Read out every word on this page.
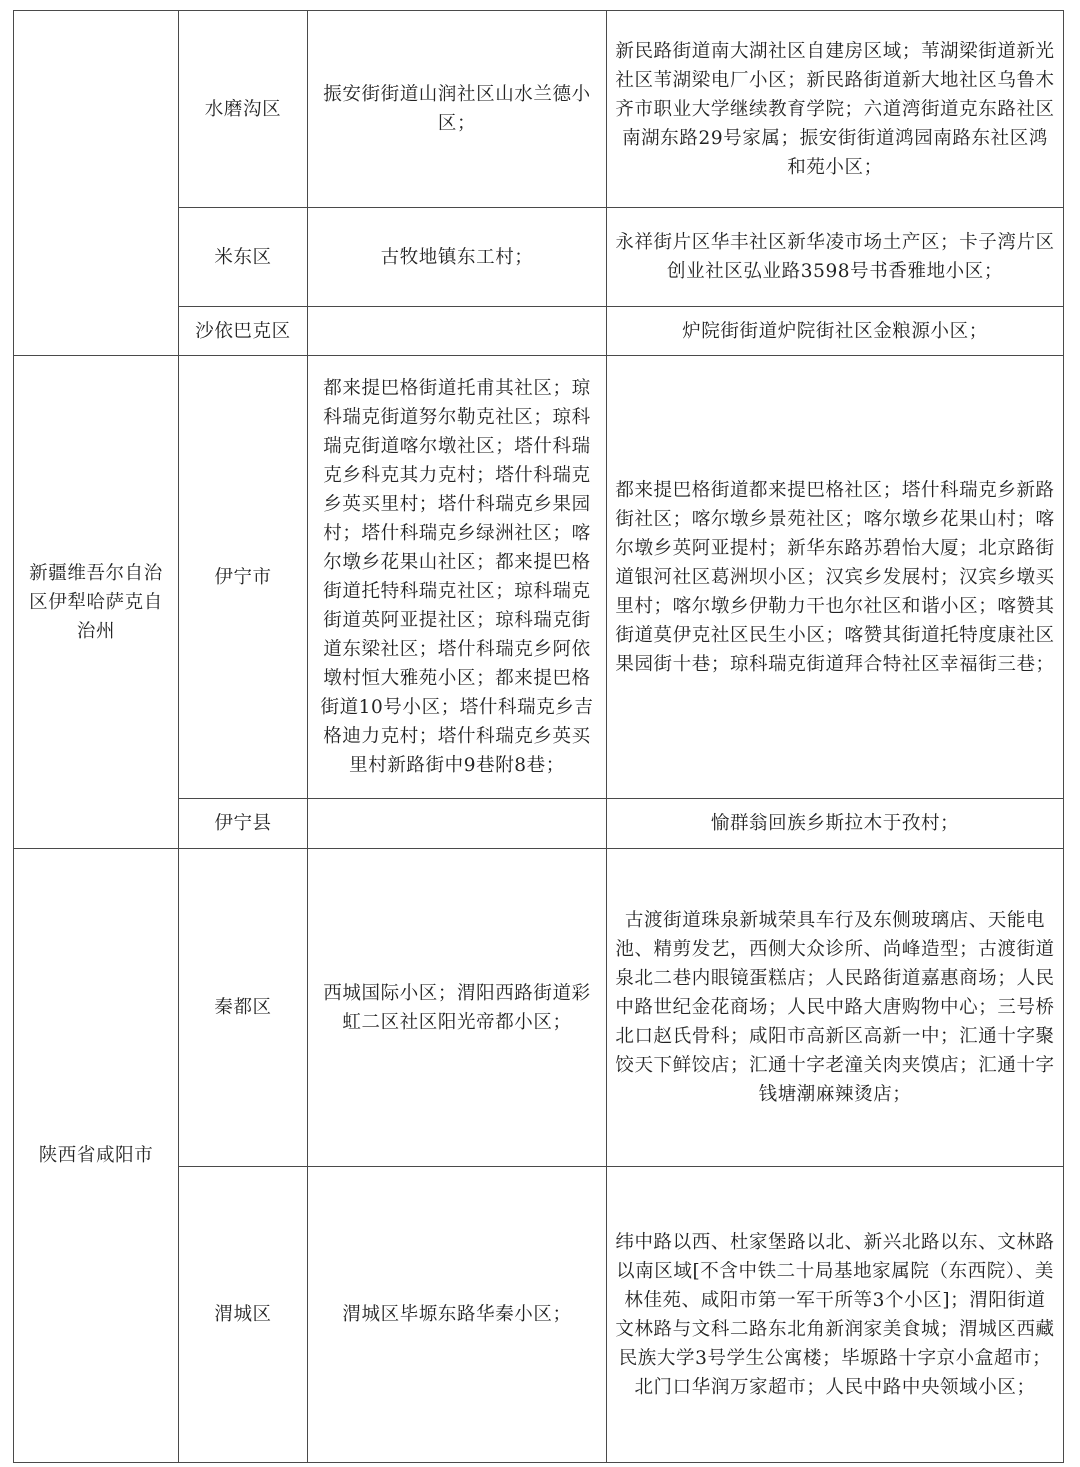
	水磨沟区	振安街街道山润社区山水兰德小区；	新民路街道南大湖社区自建房区域；苇湖梁街道新光社区苇湖梁电厂小区；新民路街道新大地社区乌鲁木齐市职业大学继续教育学院；六道湾街道克东路社区南湖东路29号家属；振安街街道鸿园南路东社区鸿和苑小区；
	米东区	古牧地镇东工村；	永祥街片区华丰社区新华凌市场土产区；卡子湾片区创业社区弘业路3598号书香雅地小区；
	沙依巴克区		炉院街街道炉院街社区金粮源小区；
新疆维吾尔自治区伊犁哈萨克自治州	伊宁市	都来提巴格街道托甫其社区；琼科瑞克街道努尔勒克社区；琼科瑞克街道喀尔墩社区；塔什科瑞克乡科克其力克村；塔什科瑞克乡英买里村；塔什科瑞克乡果园村；塔什科瑞克乡绿洲社区；喀尔墩乡花果山社区；都来提巴格街道托特科瑞克社区；琼科瑞克街道英阿亚提社区；琼科瑞克街道东梁社区；塔什科瑞克乡阿依墩村恒大雅苑小区；都来提巴格街道10号小区；塔什科瑞克乡吉格迪力克村；塔什科瑞克乡英买里村新路街中9巷附8巷；	都来提巴格街道都来提巴格社区；塔什科瑞克乡新路街社区；喀尔墩乡景苑社区；喀尔墩乡花果山村；喀尔墩乡英阿亚提村；新华东路苏碧怡大厦；北京路街道银河社区葛洲坝小区；汉宾乡发展村；汉宾乡墩买里村；喀尔墩乡伊勒力干也尔社区和谐小区；喀赞其街道莫伊克社区民生小区；喀赞其街道托特度康社区果园街十巷；琼科瑞克街道拜合特社区幸福街三巷；
	伊宁县		愉群翁回族乡斯拉木于孜村；
陕西省咸阳市	秦都区	西城国际小区；渭阳西路街道彩虹二区社区阳光帝都小区；	古渡街道珠泉新城荣具车行及东侧玻璃店、天能电池、精剪发艺，西侧大众诊所、尚峰造型；古渡街道泉北二巷内眼镜蛋糕店；人民路街道嘉惠商场；人民中路世纪金花商场；人民中路大唐购物中心；三号桥北口赵氏骨科；咸阳市高新区高新一中；汇通十字聚饺天下鲜饺店；汇通十字老潼关肉夹馍店；汇通十字钱塘潮麻辣烫店；
	渭城区	渭城区毕塬东路华秦小区；	纬中路以西、杜家堡路以北、新兴北路以东、文林路以南区域[不含中铁二十局基地家属院（东西院）、美林佳苑、咸阳市第一军干所等3个小区]；渭阳街道文林路与文科二路东北角新润家美食城；渭城区西藏民族大学3号学生公寓楼；毕塬路十字京小盒超市；北门口华润万家超市；人民中路中央领域小区；
